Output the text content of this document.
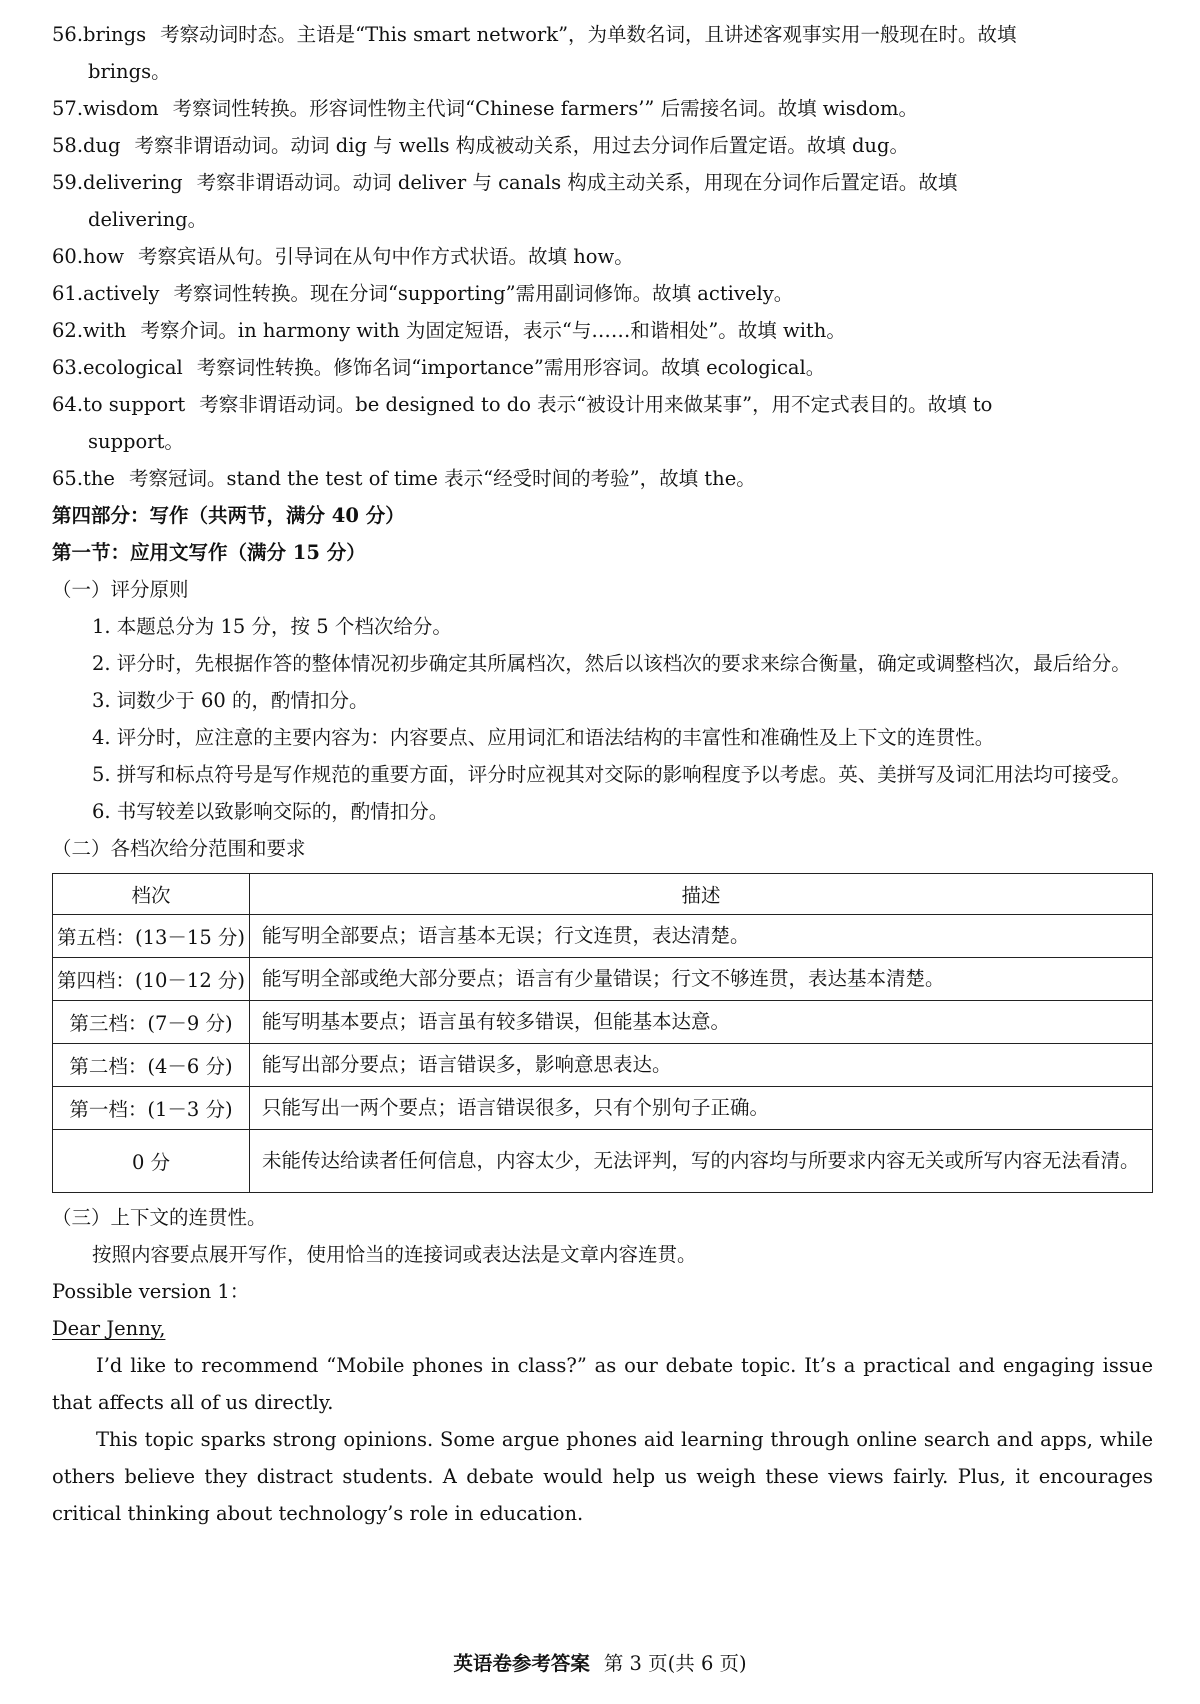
56.brings 考察动词时态。主语是“This smart network”，为单数名词，且讲述客观事实用一般现在时。故填

brings。

57.wisdom 考察词性转换。形容词性物主代词“Chinese farmers’” 后需接名词。故填 wisdom。

58.dug 考察非谓语动词。动词 dig 与 wells 构成被动关系，用过去分词作后置定语。故填 dug。

59.delivering 考察非谓语动词。动词 deliver 与 canals 构成主动关系，用现在分词作后置定语。故填

delivering。

60.how 考察宾语从句。引导词在从句中作方式状语。故填 how。

61.actively 考察词性转换。现在分词“supporting”需用副词修饰。故填 actively。

62.with 考察介词。in harmony with 为固定短语，表示“与……和谐相处”。故填 with。

63.ecological 考察词性转换。修饰名词“importance”需用形容词。故填 ecological。

64.to support 考察非谓语动词。be designed to do 表示“被设计用来做某事”，用不定式表目的。故填 to

support。

65.the 考察冠词。stand the test of time 表示“经受时间的考验”，故填 the。

第四部分：写作（共两节，满分 40 分）

第一节：应用文写作（满分 15 分）

（一）评分原则

1. 本题总分为 15 分，按 5 个档次给分。

2. 评分时，先根据作答的整体情况初步确定其所属档次，然后以该档次的要求来综合衡量，确定或调整档次，最后给分。

3. 词数少于 60 的，酌情扣分。

4. 评分时，应注意的主要内容为：内容要点、应用词汇和语法结构的丰富性和准确性及上下文的连贯性。

5. 拼写和标点符号是写作规范的重要方面，评分时应视其对交际的影响程度予以考虑。英、美拼写及词汇用法均可接受。

6. 书写较差以致影响交际的，酌情扣分。

（二）各档次给分范围和要求

档次	描述
第五档：(13－15 分)	能写明全部要点；语言基本无误；行文连贯，表达清楚。
第四档：(10－12 分)	能写明全部或绝大部分要点；语言有少量错误；行文不够连贯，表达基本清楚。
第三档：(7－9 分)	能写明基本要点；语言虽有较多错误，但能基本达意。
第二档：(4－6 分)	能写出部分要点；语言错误多，影响意思表达。
第一档：(1－3 分)	只能写出一两个要点；语言错误很多，只有个别句子正确。
0 分	未能传达给读者任何信息，内容太少，无法评判，写的内容均与所要求内容无关或所写内容无法看清。

（三）上下文的连贯性。

按照内容要点展开写作，使用恰当的连接词或表达法是文章内容连贯。

Possible version 1：

Dear Jenny,

I’d like to recommend “Mobile phones in class?” as our debate topic. It’s a practical and engaging issue that affects all of us directly.

This topic sparks strong opinions. Some argue phones aid learning through online search and apps, while others believe they distract students. A debate would help us weigh these views fairly. Plus, it encourages critical thinking about technology’s role in education.

英语卷参考答案 第 3 页(共 6 页)
